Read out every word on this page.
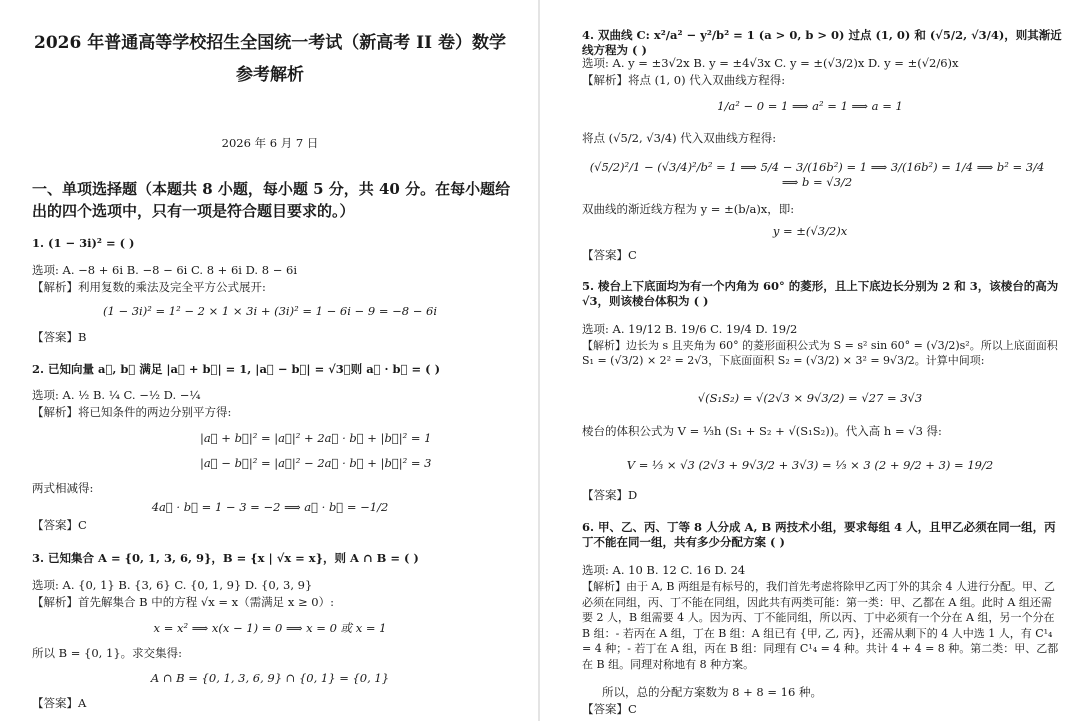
2026 年普通高等学校招生全国统一考试（新高考 II 卷）数学
参考解析
2026 年 6 月 7 日
一、单项选择题（本题共 8 小题，每小题 5 分，共 40 分。在每小题给出的四个选项中，只有一项是符合题目要求的。）
1. (1 − 3i)² = ( )
选项: A. −8 + 6i B. −8 − 6i C. 8 + 6i D. 8 − 6i
【解析】利用复数的乘法及完全平方公式展开:
(1 − 3i)² = 1² − 2 × 1 × 3i + (3i)² = 1 − 6i − 9 = −8 − 6i
【答案】B
2. 已知向量 a⃗, b⃗ 满足 |a⃗ + b⃗| = 1, |a⃗ − b⃗| = √3，则 a⃗ · b⃗ = ( )
选项: A. ½ B. ¼ C. −½ D. −¼
【解析】将已知条件的两边分别平方得:
|a⃗ + b⃗|² = |a⃗|² + 2a⃗ · b⃗ + |b⃗|² = 1
|a⃗ − b⃗|² = |a⃗|² − 2a⃗ · b⃗ + |b⃗|² = 3
两式相减得:
4a⃗ · b⃗ = 1 − 3 = −2 ⟹ a⃗ · b⃗ = −1/2
【答案】C
3. 已知集合 A = {0, 1, 3, 6, 9}，B = {x | √x = x}，则 A ∩ B = ( )
选项: A. {0, 1} B. {3, 6} C. {0, 1, 9} D. {0, 3, 9}
【解析】首先解集合 B 中的方程 √x = x（需满足 x ≥ 0）:
x = x² ⟹ x(x − 1) = 0 ⟹ x = 0 或 x = 1
所以 B = {0, 1}。求交集得:
A ∩ B = {0, 1, 3, 6, 9} ∩ {0, 1} = {0, 1}
【答案】A
4. 双曲线 C: x²/a² − y²/b² = 1 (a > 0, b > 0) 过点 (1, 0) 和 (√5/2, √3/4)，则其渐近线方程为 ( )
选项: A. y = ±3√2x B. y = ±4√3x C. y = ±(√3/2)x D. y = ±(√2/6)x
【解析】将点 (1, 0) 代入双曲线方程得:
1/a² − 0 = 1 ⟹ a² = 1 ⟹ a = 1
将点 (√5/2, √3/4) 代入双曲线方程得:
(√5/2)²/1 − (√3/4)²/b² = 1 ⟹ 5/4 − 3/(16b²) = 1 ⟹ 3/(16b²) = 1/4 ⟹ b² = 3/4 ⟹ b = √3/2
双曲线的渐近线方程为 y = ±(b/a)x，即:
y = ±(√3/2)x
【答案】C
5. 棱台上下底面均为有一个内角为 60° 的菱形，且上下底边长分别为 2 和 3，该棱台的高为 √3，则该棱台体积为 ( )
选项: A. 19/12 B. 19/6 C. 19/4 D. 19/2
【解析】边长为 s 且夹角为 60° 的菱形面积公式为 S = s² sin 60° = (√3/2)s²。所以上底面面积 S₁ = (√3/2) × 2² = 2√3，下底面面积 S₂ = (√3/2) × 3² = 9√3/2。计算中间项:
√(S₁S₂) = √(2√3 × 9√3/2) = √27 = 3√3
棱台的体积公式为 V = ⅓h (S₁ + S₂ + √(S₁S₂))。代入高 h = √3 得:
V = ⅓ × √3 (2√3 + 9√3/2 + 3√3) = ⅓ × 3 (2 + 9/2 + 3) = 19/2
【答案】D
6. 甲、乙、丙、丁等 8 人分成 A, B 两技术小组，要求每组 4 人，且甲乙必须在同一组，丙丁不能在同一组，共有多少分配方案 ( )
选项: A. 10 B. 12 C. 16 D. 24
【解析】由于 A, B 两组是有标号的，我们首先考虑将除甲乙丙丁外的其余 4 人进行分配。甲、乙必须在同组，丙、丁不能在同组，因此共有两类可能：第一类：甲、乙都在 A 组。此时 A 组还需要 2 人，B 组需要 4 人。因为丙、丁不能同组，所以丙、丁中必须有一个分在 A 组，另一个分在 B 组：- 若丙在 A 组，丁在 B 组：A 组已有 {甲, 乙, 丙}，还需从剩下的 4 人中选 1 人，有 C¹₄ = 4 种；- 若丁在 A 组，丙在 B 组：同理有 C¹₄ = 4 种。共计 4 + 4 = 8 种。第二类：甲、乙都在 B 组。同理对称地有 8 种方案。
所以，总的分配方案数为 8 + 8 = 16 种。
【答案】C
